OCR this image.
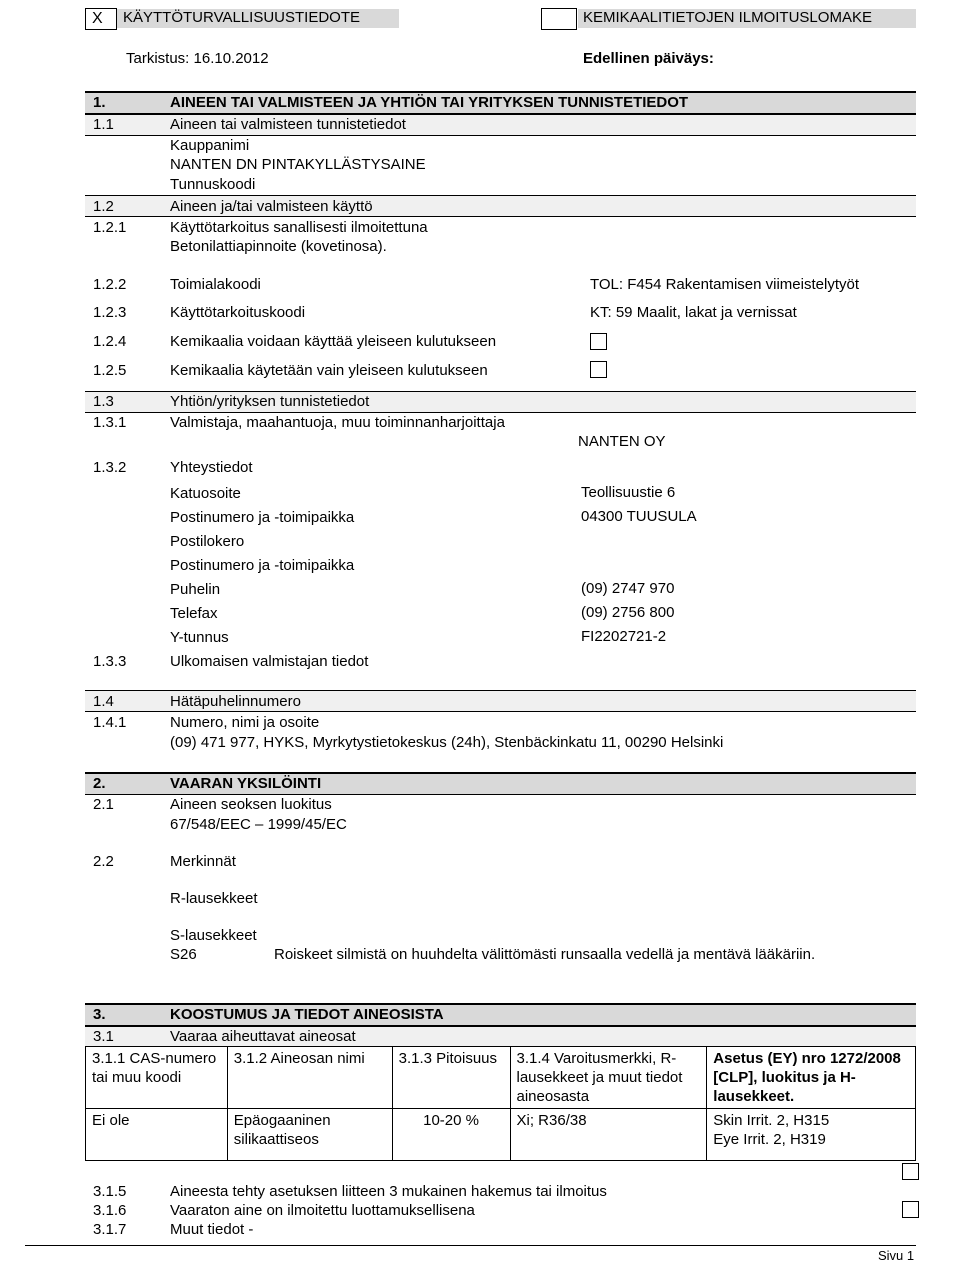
X KÄYTTÖTURVALLISUUSTIEDOTE	KEMIKAALITIETOJEN ILMOITUSLOMAKE
Tarkistus: 16.10.2012	Edellinen päiväys:
1.	AINEEN TAI VALMISTEEN JA YHTIÖN TAI YRITYKSEN TUNNISTETIEDOT
1.1	Aineen tai valmisteen tunnistetiedot
Kauppanimi
NANTEN DN PINTAKYLLÄSTYSAINE
Tunnuskoodi
1.2	Aineen ja/tai valmisteen käyttö
1.2.1	Käyttötarkoitus sanallisesti ilmoitettuna
Betonilattiapinnoite (kovetinosa).
1.2.2	Toimialakoodi	TOL: F454 Rakentamisen viimeistelytyöt
1.2.3	Käyttötarkoituskoodi	KT: 59 Maalit, lakat ja vernissat
1.2.4	Kemikaalia voidaan käyttää yleiseen kulutukseen
1.2.5	Kemikaalia käytetään vain yleiseen kulutukseen
1.3	Yhtiön/yrityksen tunnistetiedot
1.3.1	Valmistaja, maahantuoja, muu toiminnanharjoittaja
NANTEN OY
1.3.2	Yhteystiedot
Katuosoite	Teollisuustie 6
Postinumero ja -toimipaikka	04300 TUUSULA
Postilokero
Postinumero ja -toimipaikka
Puhelin	(09) 2747 970
Telefax	(09) 2756 800
Y-tunnus	FI2202721-2
1.3.3	Ulkomaisen valmistajan tiedot
1.4	Hätäpuhelinnumero
1.4.1	Numero, nimi ja osoite
(09) 471 977, HYKS, Myrkytystietokeskus (24h), Stenbäckinkatu 11, 00290 Helsinki
2.	VAARAN YKSILÖINTI
2.1	Aineen seoksen luokitus
67/548/EEC – 1999/45/EC
2.2	Merkinnät
R-lausekkeet
S-lausekkeet
S26	Roiskeet silmistä on huuhdelta välittömästi runsaalla vedellä ja mentävä lääkäriin.
3.	KOOSTUMUS JA TIEDOT AINEOSISTA
3.1	Vaaraa aiheuttavat aineosat
3.1.1 CAS-numero tai muu koodi	3.1.2 Aineosan nimi	3.1.3 Pitoisuus	3.1.4 Varoitusmerkki, R-lausekkeet ja muut tiedot aineosasta	Asetus (EY) nro 1272/2008 [CLP], luokitus ja H-lausekkeet.
Ei ole	Epäogaaninen silikaattiseos	10-20 %	Xi; R36/38	Skin Irrit. 2, H315
Eye Irrit. 2, H319
3.1.5	Aineesta tehty asetuksen liitteen 3 mukainen hakemus tai ilmoitus
3.1.6	Vaaraton aine on ilmoitettu luottamuksellisena
3.1.7	Muut tiedot -
Sivu 1
